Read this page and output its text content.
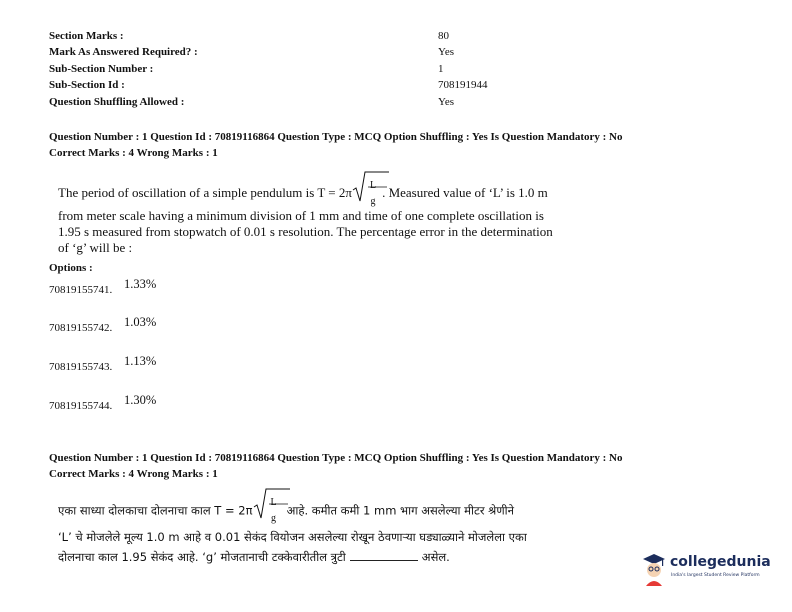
Section Marks :	80
Mark As Answered Required? :	Yes
Sub-Section Number :	1
Sub-Section Id :	708191944
Question Shuffling Allowed :	Yes
Question Number : 1 Question Id : 70819116864 Question Type : MCQ Option Shuffling : Yes Is Question Mandatory : No
Correct Marks : 4 Wrong Marks : 1
The period of oscillation of a simple pendulum is T = 2π L
g
. Measured value of ‘L’ is 1.0 m
from meter scale having a minimum division of 1 mm and time of one complete oscillation is
1.95 s measured from stopwatch of 0.01 s resolution. The percentage error in the determination
of ‘g’ will be :
Options :
70819155741. 1.33%
70819155742. 1.03%
70819155743. 1.13%
70819155744. 1.30%
Question Number : 1 Question Id : 70819116864 Question Type : MCQ Option Shuffling : Yes Is Question Mandatory : No
Correct Marks : 4 Wrong Marks : 1
एका साध्या दोलकाचा दोलनाचा काल T = 2π
L
g
आहे. कमीत कमी 1 mm भाग असलेल्या मीटर श्रेणीने
‘L’ चे मोजलेले मूल्य 1.0 m आहे व 0.01 सेकंद वियोजन असलेल्या रोखून ठेवणाऱ्या घड्याळ्याने मोजलेला एका
दोलनाचा काल 1.95 सेकंद आहे. ‘g’ मोजतानाची टक्केवारीतील त्रुटी	असेल.	collegedunia
India's largest Student Review Platform
